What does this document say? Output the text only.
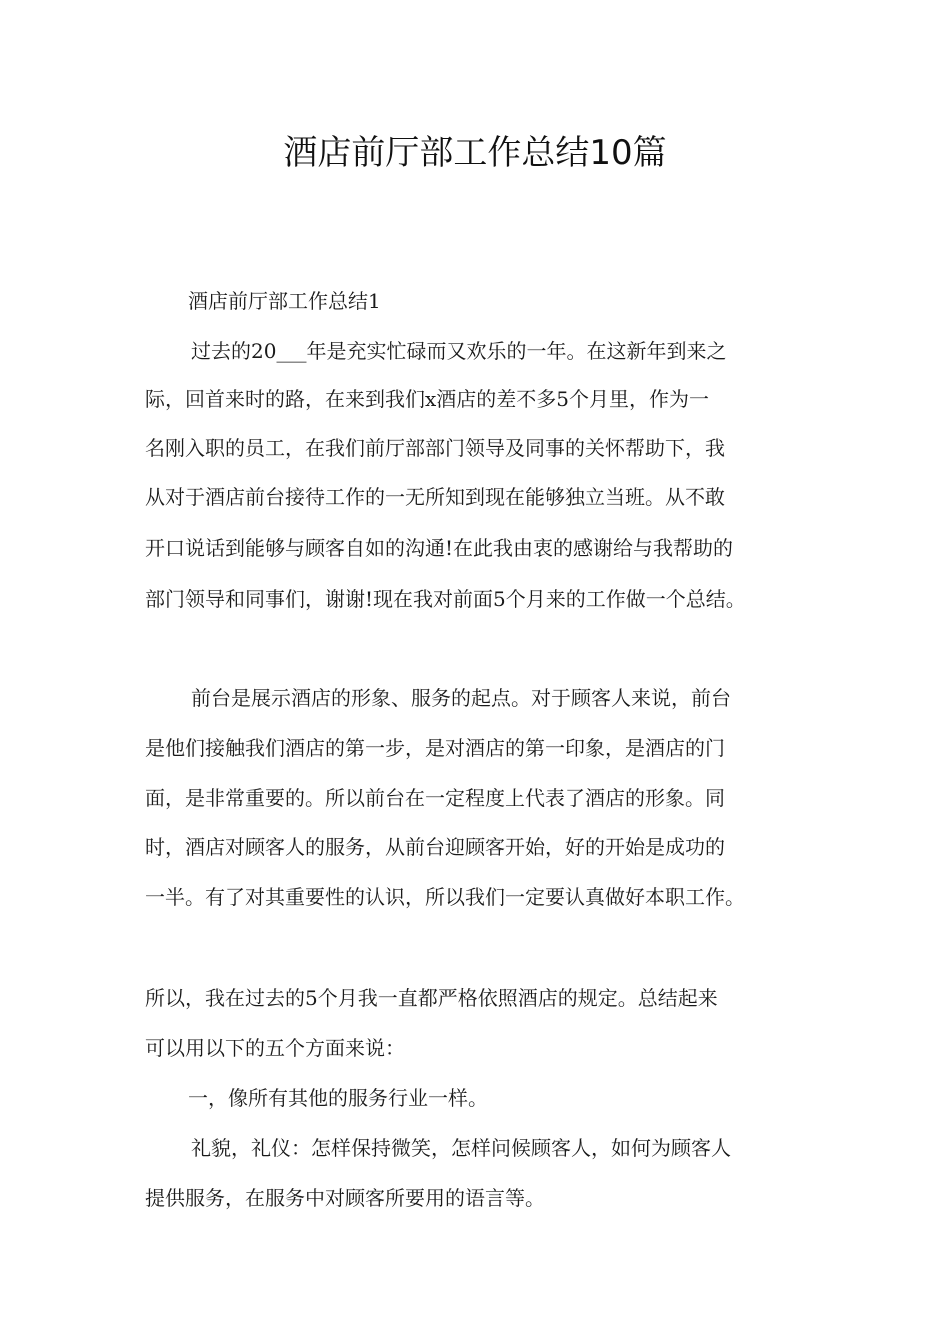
酒店前厅部工作总结10篇
酒店前厅部工作总结1
过去的20___年是充实忙碌而又欢乐的一年。在这新年到来之
际，回首来时的路，在来到我们x酒店的差不多5个月里，作为一
名刚入职的员工，在我们前厅部部门领导及同事的关怀帮助下，我
从对于酒店前台接待工作的一无所知到现在能够独立当班。从不敢
开口说话到能够与顾客自如的沟通!在此我由衷的感谢给与我帮助的
部门领导和同事们，谢谢!现在我对前面5个月来的工作做一个总结。
前台是展示酒店的形象、服务的起点。对于顾客人来说，前台
是他们接触我们酒店的第一步，是对酒店的第一印象，是酒店的门
面，是非常重要的。所以前台在一定程度上代表了酒店的形象。同
时，酒店对顾客人的服务，从前台迎顾客开始，好的开始是成功的
一半。有了对其重要性的认识，所以我们一定要认真做好本职工作。
所以，我在过去的5个月我一直都严格依照酒店的规定。总结起来
可以用以下的五个方面来说：
一，像所有其他的服务行业一样。
礼貌，礼仪：怎样保持微笑，怎样问候顾客人，如何为顾客人
提供服务，在服务中对顾客所要用的语言等。
